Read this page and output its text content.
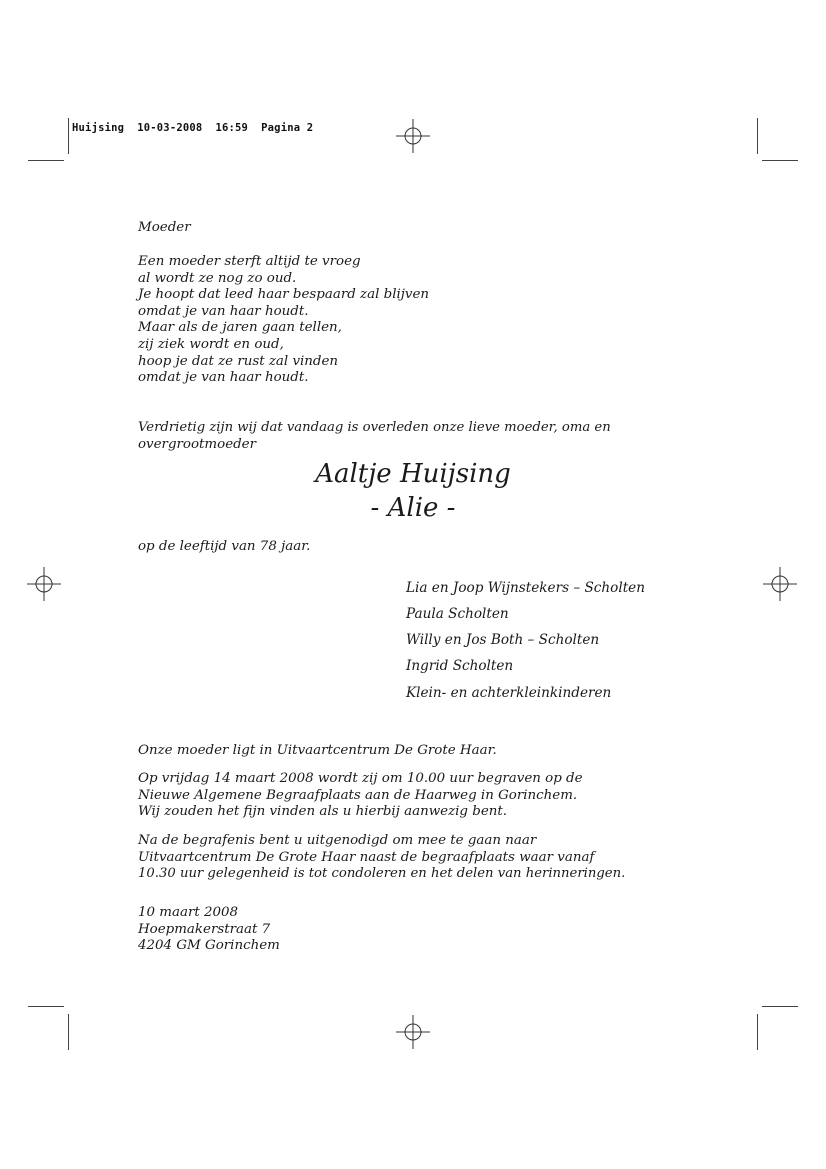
Huijsing  10-03-2008  16:59  Pagina 2
Moeder
Een moeder sterft altijd te vroeg
al wordt ze nog zo oud.
Je hoopt dat leed haar bespaard zal blijven
omdat je van haar houdt.
Maar als de jaren gaan tellen,
zij ziek wordt en oud,
hoop je dat ze rust zal vinden
omdat je van haar houdt.
Verdrietig zijn wij dat vandaag is overleden onze lieve moeder, oma en
overgrootmoeder
Aaltje Huijsing
- Alie -
op de leeftijd van 78 jaar.
Lia en Joop Wijnstekers – Scholten
Paula Scholten
Willy en Jos Both – Scholten
Ingrid Scholten
Klein- en achterkleinkinderen
Onze moeder ligt in Uitvaartcentrum De Grote Haar.
Op vrijdag 14 maart 2008 wordt zij om 10.00 uur begraven op de
Nieuwe Algemene Begraafplaats aan de Haarweg in Gorinchem.
Wij zouden het fijn vinden als u hierbij aanwezig bent.
Na de begrafenis bent u uitgenodigd om mee te gaan naar
Uitvaartcentrum De Grote Haar naast de begraafplaats waar vanaf
10.30 uur gelegenheid is tot condoleren en het delen van herinneringen.
10 maart 2008
Hoepmakerstraat 7
4204 GM Gorinchem
